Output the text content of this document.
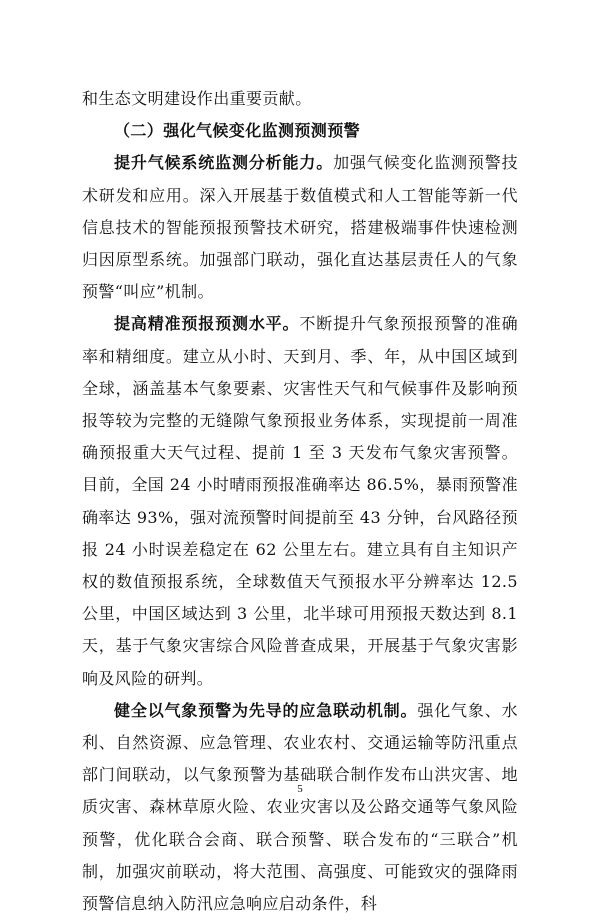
和生态文明建设作出重要贡献。

（二）强化气候变化监测预测预警

提升气候系统监测分析能力。加强气候变化监测预警技术研发和应用。深入开展基于数值模式和人工智能等新一代信息技术的智能预报预警技术研究，搭建极端事件快速检测归因原型系统。加强部门联动，强化直达基层责任人的气象预警“叫应”机制。

提高精准预报预测水平。不断提升气象预报预警的准确率和精细度。建立从小时、天到月、季、年，从中国区域到全球，涵盖基本气象要素、灾害性天气和气候事件及影响预报等较为完整的无缝隙气象预报业务体系，实现提前一周准确预报重大天气过程、提前 1 至 3 天发布气象灾害预警。目前，全国 24 小时晴雨预报准确率达 86.5%，暴雨预警准确率达 93%，强对流预警时间提前至 43 分钟，台风路径预报 24 小时误差稳定在 62 公里左右。建立具有自主知识产权的数值预报系统，全球数值天气预报水平分辨率达 12.5 公里，中国区域达到 3 公里，北半球可用预报天数达到 8.1 天，基于气象灾害综合风险普查成果，开展基于气象灾害影响及风险的研判。

健全以气象预警为先导的应急联动机制。强化气象、水利、自然资源、应急管理、农业农村、交通运输等防汛重点部门间联动，以气象预警为基础联合制作发布山洪灾害、地质灾害、森林草原火险、农业灾害以及公路交通等气象风险预警，优化联合会商、联合预警、联合发布的“三联合”机制，加强灾前联动，将大范围、高强度、可能致灾的强降雨预警信息纳入防汛应急响应启动条件，科

5
